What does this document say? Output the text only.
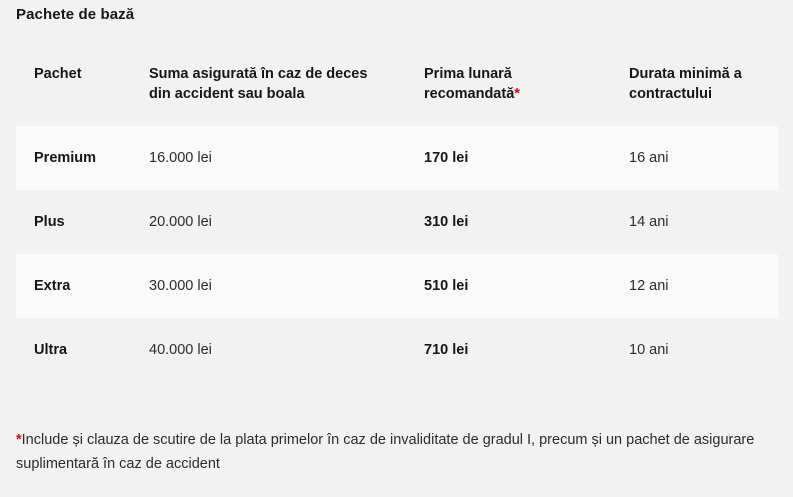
Pachete de bază
Pachet	Suma asigurată în caz de deces din accident sau boala	Prima lunară recomandată*	Durata minimă a contractului
Premium	16.000 lei	170 lei	16 ani
Plus	20.000 lei	310 lei	14 ani
Extra	30.000 lei	510 lei	12 ani
Ultra	40.000 lei	710 lei	10 ani
*Include și clauza de scutire de la plata primelor în caz de invaliditate de gradul I, precum și un pachet de asigurare suplimentară în caz de accident
